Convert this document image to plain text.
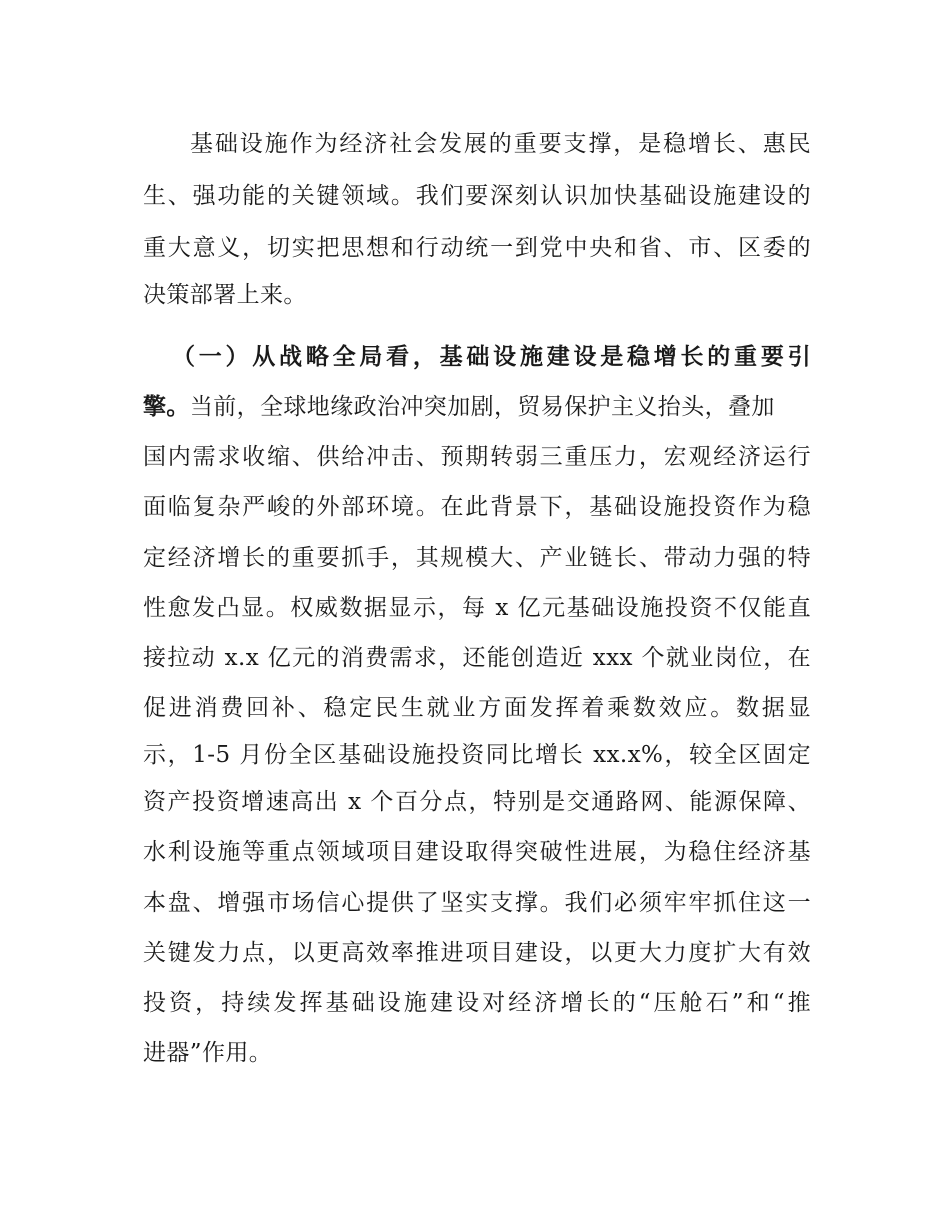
基础设施作为经济社会发展的重要支撑，是稳增长、惠民
生、强功能的关键领域。我们要深刻认识加快基础设施建设的
重大意义，切实把思想和行动统一到党中央和省、市、区委的
决策部署上来。
（一）从战略全局看，基础设施建设是稳增长的重要引
擎。当前，全球地缘政治冲突加剧，贸易保护主义抬头，叠加
国内需求收缩、供给冲击、预期转弱三重压力，宏观经济运行
面临复杂严峻的外部环境。在此背景下，基础设施投资作为稳
定经济增长的重要抓手，其规模大、产业链长、带动力强的特
性愈发凸显。权威数据显示，每 x 亿元基础设施投资不仅能直
接拉动 x.x 亿元的消费需求，还能创造近 xxx 个就业岗位，在
促进消费回补、稳定民生就业方面发挥着乘数效应。数据显
示，1-5 月份全区基础设施投资同比增长 xx.x%，较全区固定
资产投资增速高出 x 个百分点，特别是交通路网、能源保障、
水利设施等重点领域项目建设取得突破性进展，为稳住经济基
本盘、增强市场信心提供了坚实支撑。我们必须牢牢抓住这一
关键发力点，以更高效率推进项目建设，以更大力度扩大有效
投资，持续发挥基础设施建设对经济增长的“压舱石”和“推
进器”作用。
